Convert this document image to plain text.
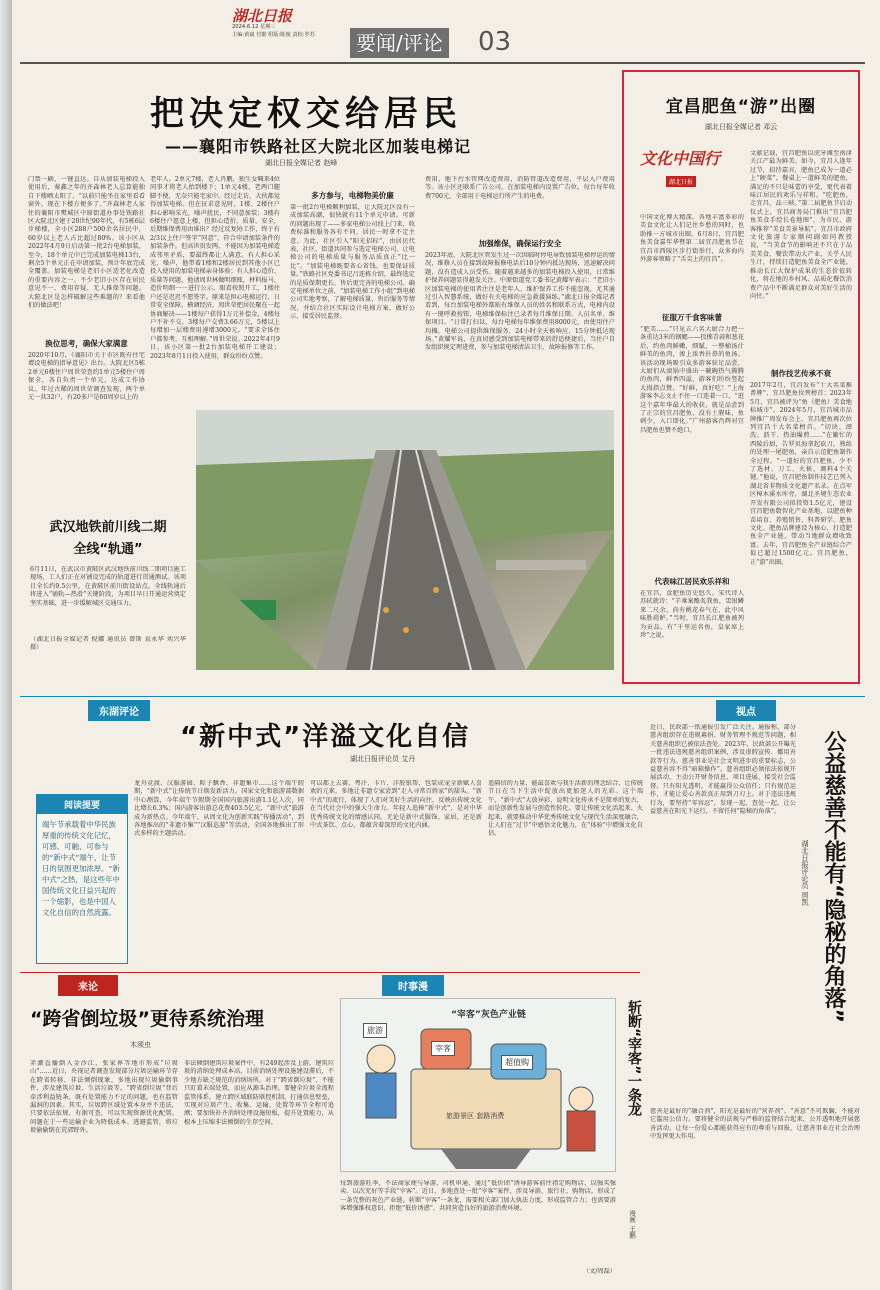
湖北日报
2024.6.12 星期三
主编:黄斌 付勤 组版:陈俊 责校:罗苏	要闻/评论 03
把决定权交给居民
——襄阳市铁路社区大院北区加装电梯记
湖北日报全媒记者 赵峰
门禁一刷，一键直达。自从加装电梯投入使用后，秦鑫之年的齐森林老人总算能独自下楼晒太阳了。“以前只能坐在家里看看窗外，现在下楼方便多了。”齐森林老人家住的襄阳市樊城区中原街道办事处铁路社区大院北区建于20世纪90年代，有5栋6层步梯楼，全小区288户500余名居民中，60岁以上老人占比超过80%。该小区从2022年4月9日启动第一批2台电梯加装，至今，18个单元中已完成加装电梯13台，剩余5个单元正在申请加装，预计年底完成全覆盖。加装电梯是老旧小区适老化改造的重要内容之一。不少老旧小区存在居民意见不一、费用存疑、无人推保等问题。大院北区是怎样破解这些难题的？来看他们的做法吧！
换位思考，确保大家满意
2020年10月，《襄阳市关于市区既有住宅增设电梯的指导意见》出台。大院北区5栋2单元6楼住户周世荣查约1单元5楼住户周保全，各自负责一个单元，达成工作协议。年过古稀的周世荣调查发现，两个单元一共32户，有20多户是60周岁以上的
老年人。2单元7楼，老人肖鹏，独生女喊来4位同事才将老人抬到楼下；1单元4楼，老两口腿脚不便，无奈只能宅家中。经过走访，大伙都觉得加装电梯。但在征求意见时，1楼、2楼住户担心影响采光，噪声扰民，不同意加装；3楼有6楼住户愿意上楼，但担心造价、质量、安全，后期维保费用由谁出？经过反复协工作，终于有2/3以上住户签字“同意”，符合申请加装条件的加装条件。但高世贵发两，不能因为加装电梯造成邻里矛盾，要最终都让人满意。有人担心采光、噪声，他带着1楼和2楼居民到其他小区已投入使用的加装电梯亲身体验；有人担心造价、质量等问题，他请周世林做明细账，材料报马、造价明细一一进行公示。眼看按照开工，1楼住户还是迟迟不愿签字。原来是担心电梯运行，日常安全保障。横调经济，周世荣把居民聚在一起协商解决——1楼每户获得1万元补偿金，4楼每户不补不交，3楼每户交费3.66万元，5楼以上每增加一层楼费用递增3000元。“要求全体住户都参考，互相理解。”周世荣说。2022年4月9日，该小区第一批2台加装电梯开工建设；2023年8月1日投入使用，群众纷纷点赞。
多方参与，电梯物美价廉
第一批2台电梯顺利加装，让大院北区没有一成加装高潮，很快就有11个单元申请。可新的问题出现了——多家电梯公司找上门来，收费标准和服务各有不同，居民一时拿不定主意。为此，社区引入“阳光招标”，由居民代表、社区、街道共同参与选定电梯公司，让电梯公司的电梯质量与服务品质真正“比一比”。“加装电梯既要省心省钱，也要保证质量。”铁路社区党委书记吕连栋介绍，最终选定的是质保期更长、售后更完善的电梯公司。确定电梯单位之前，“加装电梯工作小组”到电梯公司实地考察，了解电梯质量、售后服务等情况，并结合社区实际设计电梯方案，做好公示，接受居民监督。
费用，地下污水管网改造费用，消防管道改造费用，平层入户费用等。该小区还联系广告公司，在加装电梯内设置广告位，每台每年收费700元，全部用于电梯运行所产生的电费。
加强维保，确保运行安全
2023年底，大院北区管发生过一次因临时停电导致加装电梯停运的情况，维修人员在接到故障报修电话后10分钟内抵达现场，迅速解决问题，没有造成人员受伤。随着越来越多的加装电梯投入使用，日常维护保养问题显得越发关注。中原街道党工委书记黄耀军表示：“老旧小区加装电梯的使用者注注是老年人，维护保养工作不能忽视，尤其通过引入智慧系统，做好有关电梯的应急救援演练。”湖北日报全媒记者看到，每台加装电梯外都贴有维保人员的姓名和联系方式，电梯内设有一键呼救按钮，电梯维保标注已录者每月维保日期、人员名单、维保项目。“日常打扫以，每台电梯每年维保费用8000元，由使用住户均摊，电梯公司提供维保服务，24小时全天候响应，15分钟抵达现场。”黄耀军说，在真切感受到加装电梯带来的舒适便捷后，当住户自发组织规定理进费，参与加装电梯清洁卫生、故障报修等工作。
武汉地铁前川线二期
全线“轨通”
6月11日，在武汉市黄陂区武汉地铁前川线二期项目施工现场，工人们正在对铺设完成的轨道进行贯通测试。该项目全长约9.5公里，在黄陂区前川街设站点，全线轨通后将进入“铺轨—热滑”关键阶段，为项目早日开通运营奠定坚实基础，进一步缓解城区交通压力。
（湖北日报全媒记者 倪娜 通讯员 曾斯 袁永华 刘兴华 摄）
宜昌肥鱼“游”出圈
湖北日报全媒记者 邓云
文化中国行
湖北日报
中国文化博大精深。各地丰富多彩的美食文化让人们记住乡愁的同时，也助推一方城市出圈。6月8日，宜昌肥鱼美食嘉年华暨第二届宜昌肥鱼节在宜昌市西陵区步行街举行，众多海内外游客领略了“舌尖上的宜昌”。
征服万千食客味蕾
“肥美……”只见五六名大厨合力把一条重达3米的钢鳃——投掷青蒜和葱花后，约鱼肉鲜嫩，细腻，一整桶汤汁鲜美的鱼肉，渗上浓香扑鼻的鱼汤。该活动现场吸引众多游客驻足品尝，大厨们从滚锅中盛出一碗碗热气腾腾的鱼肉，鲜香四溢，游客们纷纷竖起大拇指点赞。“好鲜，真好吃！”上海游客李志文止不住一口连着一口，“逛这个嘉年华最大的收获，就是品尝到了正宗的宜昌肥鱼，没有土腥味，鱼刺少，入口即化。”广州游客肖辉对宜昌肥鱼也赞不绝口。
代表味江居民欢乐祥和
在宜昌，食肥鱼历史悠久。宋代诗人苏轼就诗：“羊乘案酪炙我鱼，雪银鳞来二尺余，尚有桃花春气在，此中风味胜莼鲈。”当时，宜昌长江肥鱼被列为贡品，有“千里运名鱼，皇家席上珍”之说。
文献记载，宜昌肥鱼以虎牙滩至南津关江产最为鲜美。如今，宜昌人逢年过节，招待嘉宾，肥鱼已成为一道必上“硬菜”。餐桌上一道鲜美的肥鱼，满足的不只是味蕾的享受，更代表着味江居民的欢乐与祥和。“吃肥鱼，走宜昌，品三峡。”第二届肥鱼节启动仪式上，宜昌商务局门推出“宜昌肥鱼美食手绘长卷地图”，为市民、游客推荐“美食美景导航”。宜昌市政府文化旅游专家顺问副如同教授说，“当美食节的影响还不只在于品美美食，餐饮带动大产业，关乎人民生计，持续打造肥鱼美食全产业链，推动长江大保护成果的生态价值转化，将在地的乡村风、品质化餐饮消费产品中不断满足群众对美好生活的向往。”
制作技艺传承不衰
2017年2月，宜昌发布“十大名菜推菁牌”，宜昌肥鱼位列榜首；2023年5月，宜昌被评为“鱼（肥鱼）美食地标城市”。2024年5月，宜昌城市品牌推广周发布会上，宜昌肥鱼再次位列宜昌十大名菜榜首。“切块、漂洗、沥干、热油爆煎……”在繁忙的西陵后厨，告罗贝海拿起砍刀，熟练的处理一尾肥鱼，亲自示范肥鱼制作全过程。“一道好的宜昌肥鱼，少不了选材、刀工、火候、调料4个关键。”他说，宜昌肥鱼制作技艺已列入湖北省非物质文化遗产名录。在点军区樟木溪水库旁，湖北圣境生态农业开发有限公司拟投资1.5亿元，建设宜昌肥鱼数智化产业基地，以肥鱼种苗培育、养殖销售、科普研学、肥鱼文化、肥鱼品牌建设为核心，打造肥鱼全产业链，带动当地群众增收致富。去年，宜昌肥鱼全产业链综合产值已超过1500亿元。宜昌肥鱼，正“游”出圈。
东湖评论
“新中式”洋溢文化自信
湖北日报评论员 艾丹
阅读提要
端午节承载着中华民族厚重的传统文化记忆，可感、可触、可参与的“新中式”端午，让节日的氛围更加浓厚。“新中式”之热，是这些年中国传统文化日益兴起的一个缩影，也是中国人文化自信的自然流露。
龙舟竞渡、汉服游园、粽子飘香、非遗集市……这个端午假期，“新中式”让传统节日焕发新活力。国家文化和旅游部数据中心测算，今年端午节假期全国国内旅游出游1.1亿人次，同比增长6.3%；国内游客出游总花费403.5亿元，“新中式”旅游成为新热点。今年端午，从周文化为创新实践“传播活动”，到各地推出的“非遗市集”“汉服巡游”等活动，全国各地推出了形式多样的主题活动。
可以都上去赛，粤汗、卡片、洋胶银帮，包装成宠全新赋人喜欢的元素，多地让非遗专家尝到“走入寻常百姓家”的甜头。“新中式”的流行，体现了人们对美好生活的向往，反映出传统文化在当代社会中的强大生命力。年轻人追捧“新中式”，是对中华优秀传统文化的情感认同。无论是新中式服饰、家居，还是新中式茶饮、点心，都蕴含着深厚的文化内涵。
遥隔信的力量，能最喜欢与我生活新的理念结合，让传统节日在当下生活中绽放出更加迷人的光彩。这个端午，“新中式”大放异彩，说明文化传承不是简单的复古，而是创新性发展与创造性转化。要让传统文化活起来、火起来，就要推动中华优秀传统文化与现代生活深度融合，让人们在“过节”中感悟文化魅力，在“体验”中增强文化自信。
视点
公益慈善不能有“隐秘的角落”
湖北日报评论员 周凯
近日，民政部一纸通报引发广泛关注。通报称，部分慈善组织存在违规募捐、财务管理不规范等问题，相关慈善组织已被依法查处。2023年，民政部公开曝光一批违法违规慈善组织案例，涉及虚假宣传、挪用善款等行为。慈善事业是社会文明进步的重要标志，公益慈善容不得“暗箱操作”。慈善组织必须依法依规开展活动，主动公开财务信息、项目进展，接受社会监督。只有阳光透明，才能赢得公众信任；只有规范运作，才能让爱心善款真正用到刀刃上。对于违法违规行为，要坚持“零容忍”，发现一起、查处一起，让公益慈善在阳光下运行，不留任何“隐秘的角落”。
慈善是最好的“融合剂”，阳光是最好的“营养剂”。“善意”不可欺瞒，不能对它滥用公信力。要将健全的法规与严格的监督结合起来，公开透明地开展慈善活动，让每一份爱心都能获得应有的尊重与回报，让慈善事业在社会治理中发挥更大作用。
来论
“跨省倒垃圾”更待系统治理
木须虫
赤潮直播倒入金沙江、张家界等地市形成“垃圾山”……近日，央视记者调查发现部分垃圾运输环节存在跨省转移、非法倾倒现象，多地出现垃圾偷倒事件，涉及建筑垃圾、生活垃圾等。“跨省倒垃圾”背后牵涉利益链条，既有处置能力不足的问题，也有监管漏洞的因素。其实，垃圾跨区域处置本身并不违法，只要依法依规、有据可查，可以实现资源优化配置。问题在于一些运输企业为降低成本、逃避监管，将垃圾偷偷倒在荒郊野外。
非法倾倒建筑垃圾案件中，有249起涉及上游，建筑垃圾的消纳处理成本高，目前消纳处理设施建设滞后，不少地方缺乏规范的消纳场所。对于“跨省倒垃圾”，不能只盯着末端处置，而应从源头治理。要健全垃圾全流程监管体系，建立跨区域联防联控机制，打通信息壁垒，实现对垃圾产生、收集、运输、处置等环节全程可追溯；要加快补齐消纳处理设施短板，提升处置能力，从根本上压缩非法倾倒的生存空间。
时事漫
“宰客”灰色产业链
旅游
宰客
超值购
旅游景区 套路消费	斩断“宰客”一条龙
漫画 王鹏
每到旅游旺季，不法商家便与导游、司机串通，通过“低价团”诱导游客前往指定购物店，以强买强卖、以次充好等手段“宰客”。近日，多地查处一批“宰客”案件，涉及导游、旅行社、购物店，形成了一条完整的灰色产业链。斩断“宰客”一条龙，需要相关部门加大执法力度，形成监管合力；也需要游客增强维权意识，拒绝“低价诱惑”，共同营造良好的旅游消费环境。
（文/周磊）
